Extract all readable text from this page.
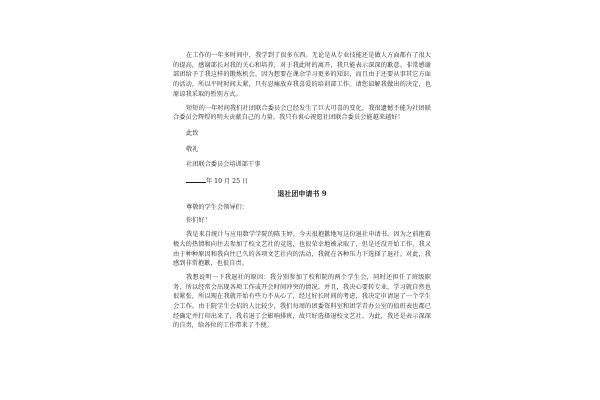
在工作的一年多时间中，我学到了很多东西。无论是从专业技能还是做人方面都有了很大的提高，感谢部长对我的关心和培养，对于我此时的离开，我只能表示深深的歉意。非常感谢部团给予了我这样的锻炼机会。因为想要在课余学习更多的知识，而且由于还要从事其它方面的活动，所以平时时间太紧，只有忍痛放弃我喜爱的培训部工作。请您谅解我做出的决定，也原谅我采取的暂别方式。

短短的一年时间我们社团联合委员会已经发生了巨大可喜的变化，我很遗憾不能为社团联合委员会辉煌的明天贡献自己的力量。我只有衷心祝愿社团联合委员会能越来越好！

此致

敬礼

社团联合委员会培训部干事

年 10 月 25 日

退社团申请书 9

尊敬的学生会领导们：

你们好！

我是来自统计与应用数学学院的陈玉婷，今天很抱歉地写这份退社申请书。因为之前抱着极大的热情和向往去参加了校文艺社的竞选，也很荣幸地被录取了，但是还没开始工作，我又由于种种原因和我向往已久的各项文艺社内的活动，我就在各种压力下选择了退社。对此，我感到非常抱歉，也很自责。

我想说明一下我退社的原因：我分别参加了校和院的两个学生会，同时还担任了班级职务，所以经常会出现各项工作或开会时间冲突的情况。并且，我决心要转专业，学习就自然也很紧张，所以现在我就开始有些力不从心了，经过好长时间的考虑，我决定申请退了一个学生会工作。由于院学生会招的人比较少，我们每周的团委资料室和团学青办公室的值班表也都已经确定并打印出来了，我若退了会影响排班，故只好选择退校文艺社。为此，我还是表示深深的自责，给各位的工作带来了不便。
